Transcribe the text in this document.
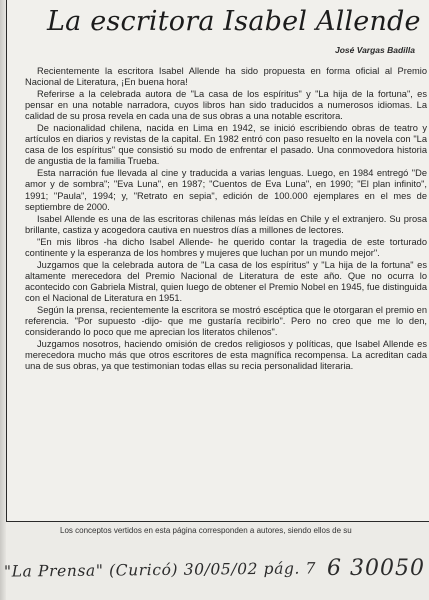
La escritora Isabel Allende
José Vargas Badilla

Recientemente la escritora Isabel Allende ha sido propuesta en forma oficial al Premio Nacional de Literatura, ¡En buena hora!

Referirse a la celebrada autora de "La casa de los espíritus" y "La hija de la fortuna", es pensar en una notable narradora, cuyos libros han sido traducidos a numerosos idiomas. La calidad de su prosa revela en cada una de sus obras a una notable escritora.

De nacionalidad chilena, nacida en Lima en 1942, se inició escribiendo obras de teatro y artículos en diarios y revistas de la capital. En 1982 entró con paso resuelto en la novela con "La casa de los espíritus" que consistió su modo de enfrentar el pasado. Una conmovedora historia de angustia de la familia Trueba.

Esta narración fue llevada al cine y traducida a varias lenguas. Luego, en 1984 entregó "De amor y de sombra"; "Eva Luna", en 1987; "Cuentos de Eva Luna", en 1990; "El plan infinito", 1991; "Paula", 1994; y, "Retrato en sepia", edición de 100.000 ejemplares en el mes de septiembre de 2000.

Isabel Allende es una de las escritoras chilenas más leídas en Chile y el extranjero. Su prosa brillante, castiza y acogedora cautiva en nuestros días a millones de lectores.

"En mis libros -ha dicho Isabel Allende- he querido contar la tragedia de este torturado continente y la esperanza de los hombres y mujeres que luchan por un mundo mejor".

Juzgamos que la celebrada autora de "La casa de los espíritus" y "La hija de la fortuna" es altamente merecedora del Premio Nacional de Literatura de este año. Que no ocurra lo acontecido con Gabriela Mistral, quien luego de obtener el Premio Nobel en 1945, fue distinguida con el Nacional de Literatura en 1951.

Según la prensa, recientemente la escritora se mostró escéptica que le otorgaran el premio en referencia. "Por supuesto -dijo- que me gustaría recibirlo". Pero no creo que me lo den, considerando lo poco que me aprecian los literatos chilenos".

Juzgamos nosotros, haciendo omisión de credos religiosos y políticas, que Isabel Allende es merecedora mucho más que otros escritores de esta magnífica recompensa. La acreditan cada una de sus obras, ya que testimonian todas ellas su recia personalidad literaria.

Los conceptos vertidos en esta página corresponden a autores, siendo ellos de su
"La Prensa" (Curicó) 30/05/02 pág. 7 6 30050
